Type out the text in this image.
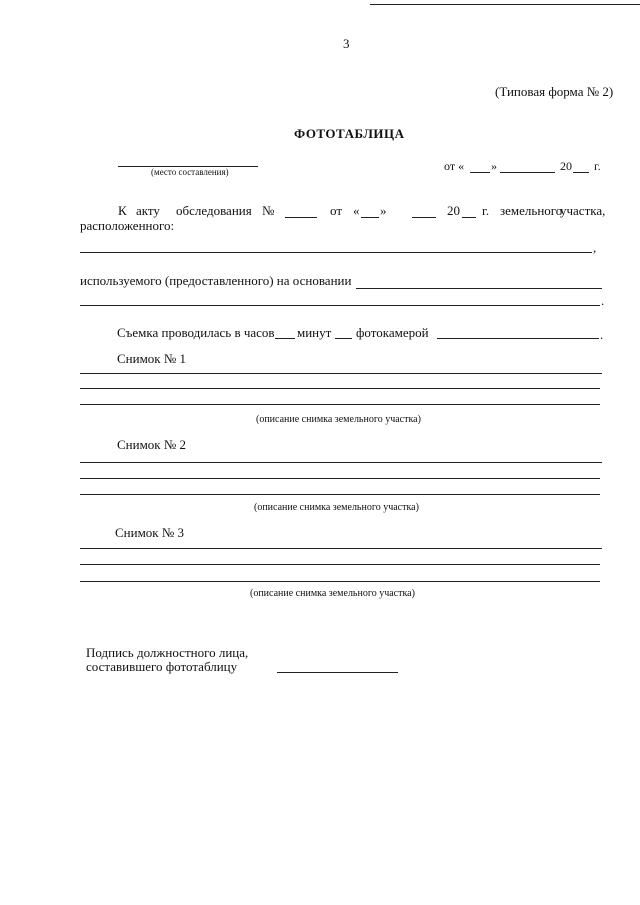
3
(Типовая форма № 2)
ФОТОТАБЛИЦА
(место составления)	от « »	20 г.
К акту обследования №	от « »	20 г. земельного
участка,
расположенного:
,
используемого (предоставленного) на основании
.
Съемка проводилась в часов минут фотокамерой	.
Снимок № 1
(описание снимка земельного участка)
Снимок № 2
(описание снимка земельного участка)
Снимок № 3
(описание снимка земельного участка)
Подпись должностного лица,
составившего фототаблицу
